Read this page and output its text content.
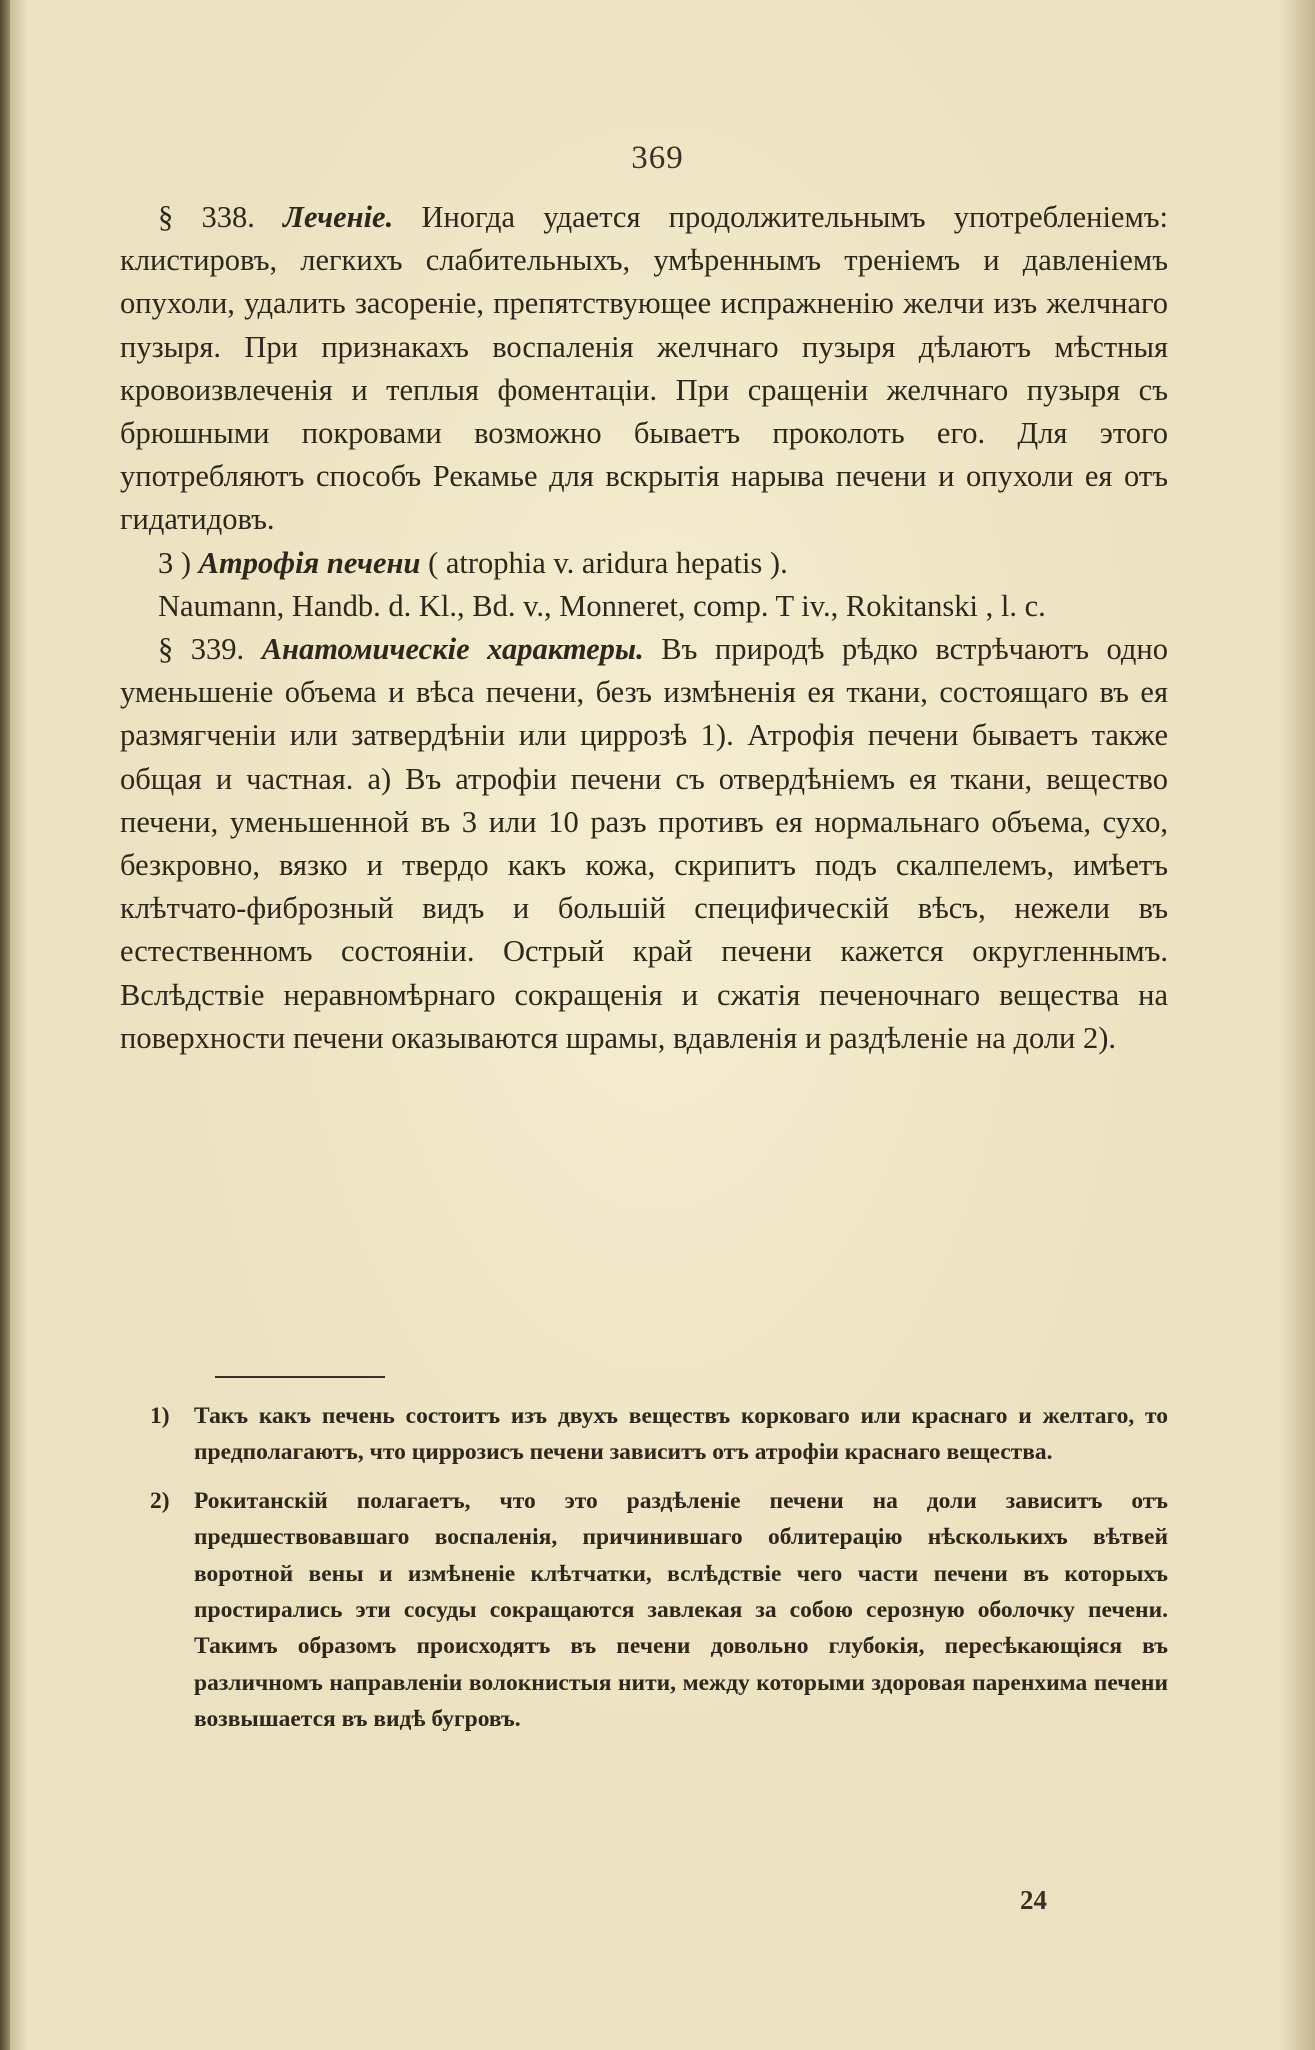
369

§ 338. Леченіе. Иногда удается продолжительнымъ употребленіемъ: клистировъ, легкихъ слабительныхъ, умѣреннымъ треніемъ и давленіемъ опухоли, удалить засореніе, препятствующее испражненію желчи изъ желчнаго пузыря. При признакахъ воспаленія желчнаго пузыря дѣлаютъ мѣстныя кровоизвлеченія и теплыя фоментаціи. При сращеніи желчнаго пузыря съ брюшными покровами возможно бываетъ проколоть его. Для этого употребляютъ способъ Рекамье для вскрытія нарыва печени и опухоли ея отъ гидатидовъ.

3 ) Атрофія печени ( atrophia v. aridura hepatis ).

Naumann, Handb. d. Kl., Bd. v., Monneret, comp. T iv., Rokitanski , l. c.

§ 339. Анатомическіе характеры. Въ природѣ рѣдко встрѣчаютъ одно уменьшеніе объема и вѣса печени, безъ измѣненія ея ткани, состоящаго въ ея размягченіи или затвердѣніи или циррозѣ 1). Атрофія печени бываетъ также общая и частная. а) Въ атрофіи печени съ отвердѣніемъ ея ткани, вещество печени, уменьшенной въ 3 или 10 разъ противъ ея нормальнаго объема, сухо, безкровно, вязко и твердо какъ кожа, скрипитъ подъ скалпелемъ, имѣетъ клѣтчато-фиброзный видъ и большій специфическій вѣсъ, нежели въ естественномъ состояніи. Острый край печени кажется округленнымъ. Вслѣдствіе неравномѣрнаго сокращенія и сжатія печеночнаго вещества на поверхности печени оказываются шрамы, вдавленія и раздѣленіе на доли 2).

1) Такъ какъ печень состоитъ изъ двухъ веществъ корковаго или краснаго и желтаго, то предполагаютъ, что циррозисъ печени зависитъ отъ атрофіи краснаго вещества.

2) Рокитанскій полагаетъ, что это раздѣленіе печени на доли зависитъ отъ предшествовавшаго воспаленія, причинившаго облитерацію нѣсколькихъ вѣтвей воротной вены и измѣненіе клѣтчатки, вслѣдствіе чего части печени въ которыхъ простирались эти сосуды сокращаются завлекая за собою серозную оболочку печени. Такимъ образомъ происходятъ въ печени довольно глубокія, пересѣкающіяся въ различномъ направленіи волокнистыя нити, между которыми здоровая паренхима печени возвышается въ видѣ бугровъ.

24
